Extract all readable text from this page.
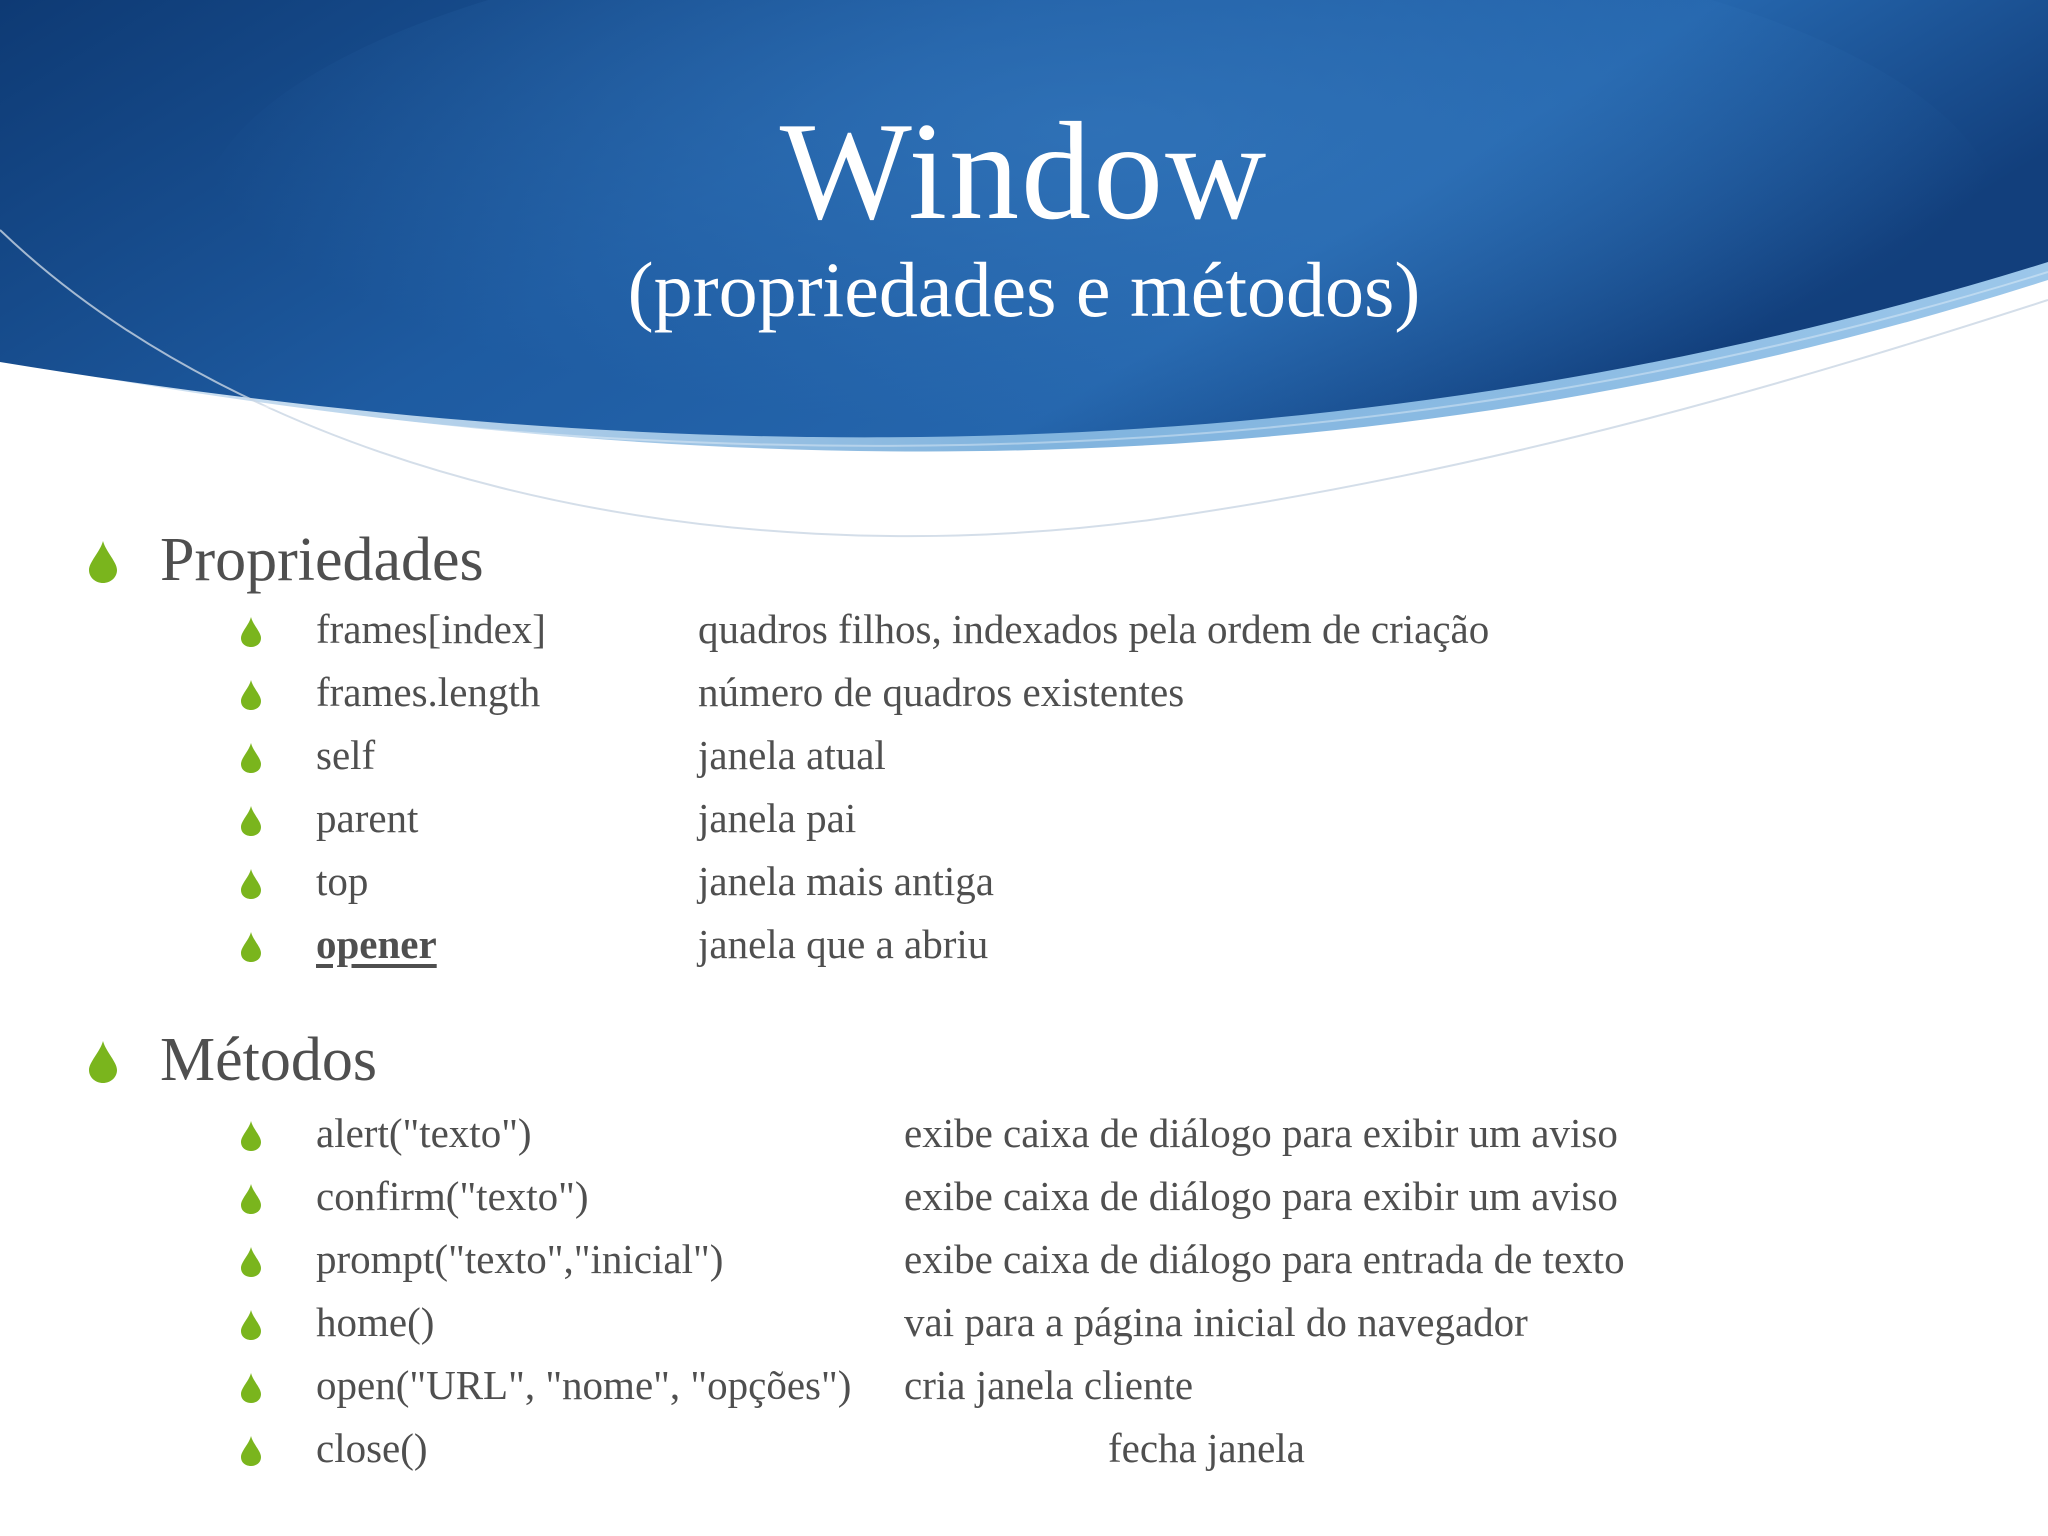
Window
(propriedades e métodos)
Propriedades
frames[index]	quadros filhos, indexados pela ordem de criação
frames.length	número de quadros existentes
self	janela atual
parent	janela pai
top	janela mais antiga
opener	janela que a abriu
Métodos
alert("texto")	exibe caixa de diálogo para exibir um aviso
confirm("texto")	exibe caixa de diálogo para exibir um aviso
prompt("texto","inicial")	exibe caixa de diálogo para entrada de texto
home()	vai para a página inicial do navegador
open("URL", "nome", "opções") cria janela cliente
close()	fecha janela
